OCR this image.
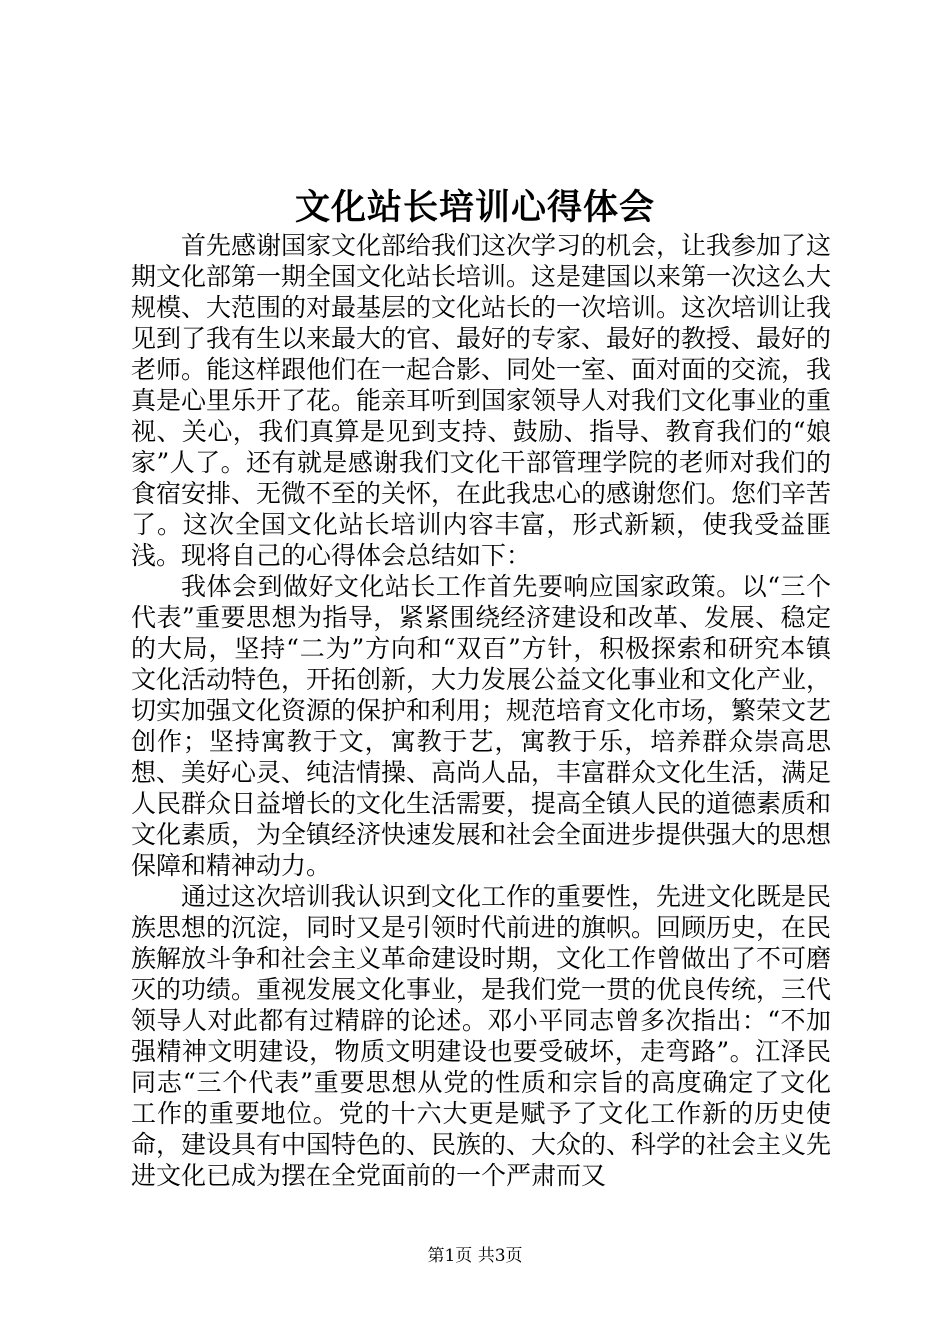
文化站长培训心得体会

首先感谢国家文化部给我们这次学习的机会，让我参加了这期文化部第一期全国文化站长培训。这是建国以来第一次这么大规模、大范围的对最基层的文化站长的一次培训。这次培训让我见到了我有生以来最大的官、最好的专家、最好的教授、最好的老师。能这样跟他们在一起合影、同处一室、面对面的交流，我真是心里乐开了花。能亲耳听到国家领导人对我们文化事业的重视、关心，我们真算是见到支持、鼓励、指导、教育我们的“娘家”人了。还有就是感谢我们文化干部管理学院的老师对我们的食宿安排、无微不至的关怀，在此我忠心的感谢您们。您们辛苦了。这次全国文化站长培训内容丰富，形式新颖，使我受益匪浅。现将自己的心得体会总结如下：

我体会到做好文化站长工作首先要响应国家政策。以“三个代表”重要思想为指导，紧紧围绕经济建设和改革、发展、稳定的大局，坚持“二为”方向和“双百”方针，积极探索和研究本镇文化活动特色，开拓创新，大力发展公益文化事业和文化产业，切实加强文化资源的保护和利用；规范培育文化市场，繁荣文艺创作；坚持寓教于文，寓教于艺，寓教于乐，培养群众崇高思想、美好心灵、纯洁情操、高尚人品，丰富群众文化生活，满足人民群众日益增长的文化生活需要，提高全镇人民的道德素质和文化素质，为全镇经济快速发展和社会全面进步提供强大的思想保障和精神动力。

通过这次培训我认识到文化工作的重要性，先进文化既是民族思想的沉淀，同时又是引领时代前进的旗帜。回顾历史，在民族解放斗争和社会主义革命建设时期，文化工作曾做出了不可磨灭的功绩。重视发展文化事业，是我们党一贯的优良传统，三代领导人对此都有过精辟的论述。邓小平同志曾多次指出：“不加强精神文明建设，物质文明建设也要受破坏，走弯路”。江泽民同志“三个代表”重要思想从党的性质和宗旨的高度确定了文化工作的重要地位。党的十六大更是赋予了文化工作新的历史使命，建设具有中国特色的、民族的、大众的、科学的社会主义先进文化已成为摆在全党面前的一个严肃而又

第1页 共3页
